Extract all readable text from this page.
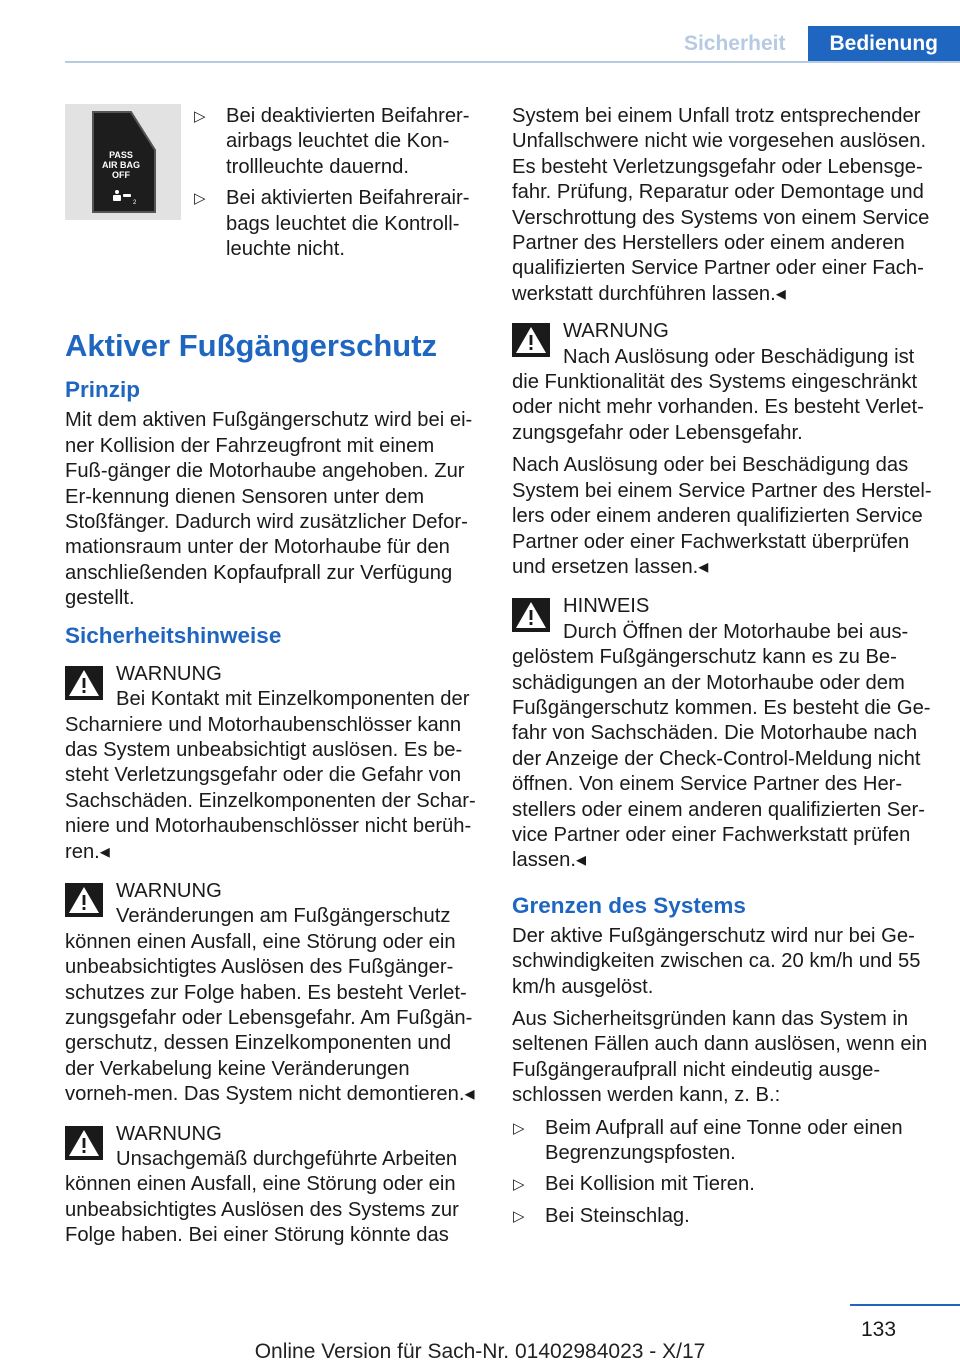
Sicherheit	Bedienung
PASS
AIR BAG
OFF
2
▷ Bei deaktivierten Beifahrer-airbags leuchtet die Kon-trollleuchte dauernd.
▷ Bei aktivierten Beifahrerair-bags leuchtet die Kontroll-leuchte nicht.
Aktiver Fußgängerschutz
Prinzip

Mit dem aktiven Fußgängerschutz wird bei ei-ner Kollision der Fahrzeugfront mit einem Fuß-gänger die Motorhaube angehoben. Zur Er-kennung dienen Sensoren unter dem Stoßfänger. Dadurch wird zusätzlicher Defor-mationsraum unter der Motorhaube für den anschließenden Kopfaufprall zur Verfügung gestellt.

Sicherheitshinweise
WARNUNG
Bei Kontakt mit Einzelkomponenten der
Scharniere und Motorhaubenschlösser kann das System unbeabsichtigt auslösen. Es be-steht Verletzungsgefahr oder die Gefahr von Sachschäden. Einzelkomponenten der Schar-niere und Motorhaubenschlösser nicht berüh-ren.◂
WARNUNG
Veränderungen am Fußgängerschutz
können einen Ausfall, eine Störung oder ein unbeabsichtigtes Auslösen des Fußgänger-schutzes zur Folge haben. Es besteht Verlet-zungsgefahr oder Lebensgefahr. Am Fußgän-gerschutz, dessen Einzelkomponenten und der Verkabelung keine Veränderungen vorneh-men. Das System nicht demontieren.◂
WARNUNG
Unsachgemäß durchgeführte Arbeiten
können einen Ausfall, eine Störung oder ein unbeabsichtigtes Auslösen des Systems zur Folge haben. Bei einer Störung könnte das

System bei einem Unfall trotz entsprechender Unfallschwere nicht wie vorgesehen auslösen. Es besteht Verletzungsgefahr oder Lebensge-fahr. Prüfung, Reparatur oder Demontage und Verschrottung des Systems von einem Service Partner des Herstellers oder einem anderen qualifizierten Service Partner oder einer Fach-werkstatt durchführen lassen.◂

WARNUNG
Nach Auslösung oder Beschädigung ist

die Funktionalität des Systems eingeschränkt oder nicht mehr vorhanden. Es besteht Verlet-zungsgefahr oder Lebensgefahr.

Nach Auslösung oder bei Beschädigung das System bei einem Service Partner des Herstel-lers oder einem anderen qualifizierten Service Partner oder einer Fachwerkstatt überprüfen und ersetzen lassen.◂
HINWEIS
Durch Öffnen der Motorhaube bei aus-
gelöstem Fußgängerschutz kann es zu Be-schädigungen an der Motorhaube oder dem Fußgängerschutz kommen. Es besteht die Ge-fahr von Sachschäden. Die Motorhaube nach der Anzeige der Check-Control-Meldung nicht öffnen. Von einem Service Partner des Her-stellers oder einem anderen qualifizierten Ser-vice Partner oder einer Fachwerkstatt prüfen lassen.◂
Grenzen des Systems

Der aktive Fußgängerschutz wird nur bei Ge-schwindigkeiten zwischen ca. 20 km/h und 55 km/h ausgelöst.

Aus Sicherheitsgründen kann das System in seltenen Fällen auch dann auslösen, wenn ein Fußgängeraufprall nicht eindeutig ausge-schlossen werden kann, z. B.:

▷ Beim Aufprall auf eine Tonne oder einen Begrenzungspfosten.
▷ Bei Kollision mit Tieren.
▷ Bei Steinschlag.
133
Online Version für Sach-Nr. 01402984023 - X/17
